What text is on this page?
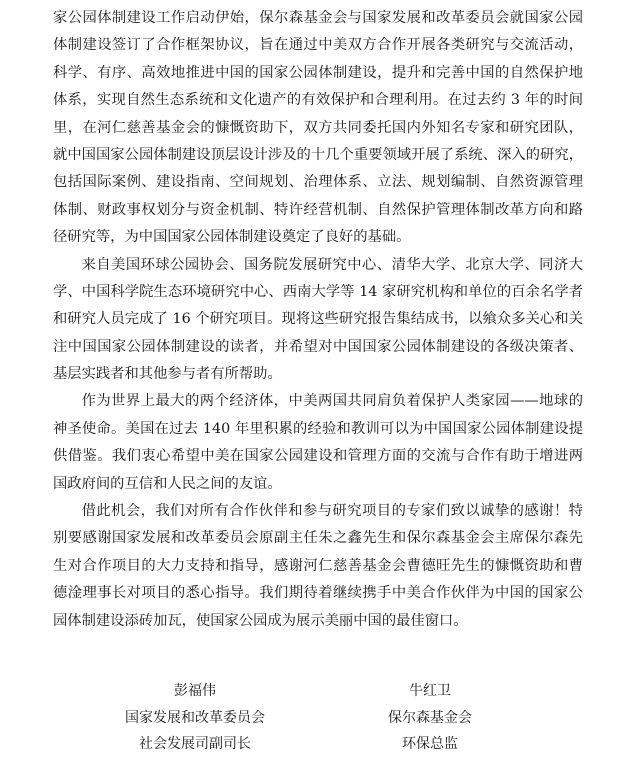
家公园体制建设工作启动伊始，保尔森基金会与国家发展和改革委员会就国家公园
体制建设签订了合作框架协议，旨在通过中美双方合作开展各类研究与交流活动，
科学、有序、高效地推进中国的国家公园体制建设，提升和完善中国的自然保护地
体系，实现自然生态系统和文化遗产的有效保护和合理利用。在过去约 3 年的时间
里，在河仁慈善基金会的慷慨资助下，双方共同委托国内外知名专家和研究团队，
就中国国家公园体制建设顶层设计涉及的十几个重要领域开展了系统、深入的研究，
包括国际案例、建设指南、空间规划、治理体系、立法、规划编制、自然资源管理
体制、财政事权划分与资金机制、特许经营机制、自然保护管理体制改革方向和路
径研究等，为中国国家公园体制建设奠定了良好的基础。
来自美国环球公园协会、国务院发展研究中心、清华大学、北京大学、同济大
学、中国科学院生态环境研究中心、西南大学等 14 家研究机构和单位的百余名学者
和研究人员完成了 16 个研究项目。现将这些研究报告集结成书，以飨众多关心和关
注中国国家公园体制建设的读者，并希望对中国国家公园体制建设的各级决策者、
基层实践者和其他参与者有所帮助。
作为世界上最大的两个经济体，中美两国共同肩负着保护人类家园——地球的
神圣使命。美国在过去 140 年里积累的经验和教训可以为中国国家公园体制建设提
供借鉴。我们衷心希望中美在国家公园建设和管理方面的交流与合作有助于增进两
国政府间的互信和人民之间的友谊。
借此机会，我们对所有合作伙伴和参与研究项目的专家们致以诚挚的感谢！特
别要感谢国家发展和改革委员会原副主任朱之鑫先生和保尔森基金会主席保尔森先
生对合作项目的大力支持和指导，感谢河仁慈善基金会曹德旺先生的慷慨资助和曹
德淦理事长对项目的悉心指导。我们期待着继续携手中美合作伙伴为中国的国家公
园体制建设添砖加瓦，使国家公园成为展示美丽中国的最佳窗口。
彭福伟
国家发展和改革委员会
社会发展司副司长
牛红卫
保尔森基金会
环保总监
